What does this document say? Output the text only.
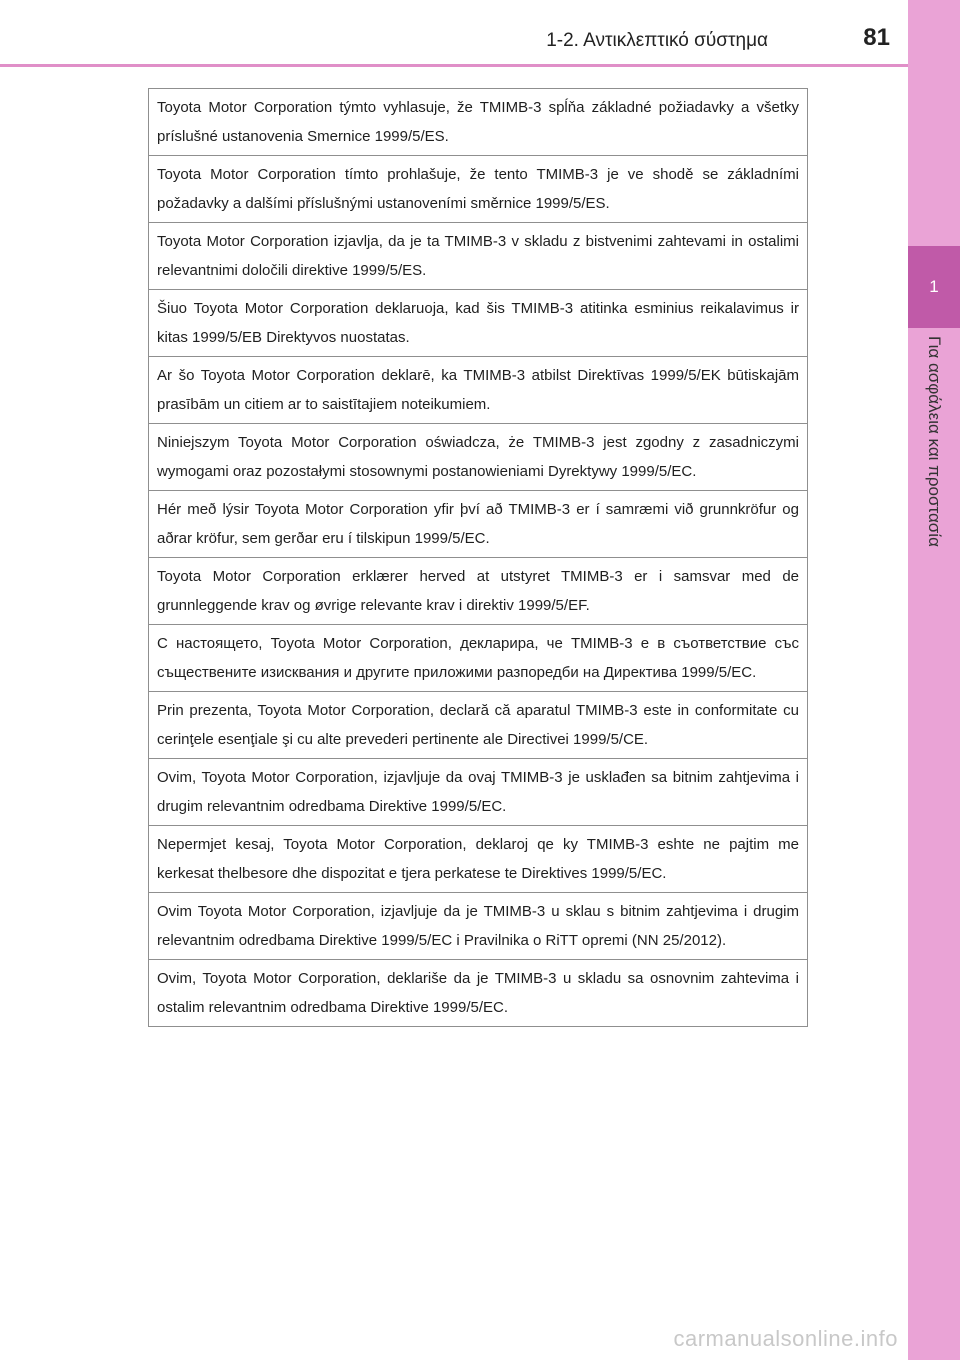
1-2. Αντικλεπτικό σύστημα	81
1
Για ασφάλεια και προστασία
Toyota Motor Corporation týmto vyhlasuje, že TMIMB-3 spĺňa základné požiadavky a všetky príslušné ustanovenia Smernice 1999/5/ES.
Toyota Motor Corporation tímto prohlašuje, že tento TMIMB-3 je ve shodě se základními požadavky a dalšími příslušnými ustanoveními směrnice 1999/5/ES.
Toyota Motor Corporation izjavlja, da je ta TMIMB-3 v skladu z bistvenimi zahtevami in ostalimi relevantnimi določili direktive 1999/5/ES.
Šiuo Toyota Motor Corporation deklaruoja, kad šis TMIMB-3 atitinka esminius reikalavimus ir kitas 1999/5/EB Direktyvos nuostatas.
Ar šo Toyota Motor Corporation deklarē, ka TMIMB-3 atbilst Direktīvas 1999/5/EK būtiskajām prasībām un citiem ar to saistītajiem noteikumiem.
Niniejszym Toyota Motor Corporation oświadcza, że TMIMB-3 jest zgodny z zasadniczymi wymogami oraz pozostałymi stosownymi postanowieniami Dyrektywy 1999/5/EC.
Hér með lýsir Toyota Motor Corporation yfir því að TMIMB-3 er í samræmi við grunnkröfur og aðrar kröfur, sem gerðar eru í tilskipun 1999/5/EC.
Toyota Motor Corporation erklærer herved at utstyret TMIMB-3 er i samsvar med de grunnleggende krav og øvrige relevante krav i direktiv 1999/5/EF.
С настоящето, Toyota Motor Corporation, декларира, че TMIMB-3 е в съответствие със съществените изисквания и другите приложими разпоредби на Директива 1999/5/EC.
Prin prezenta, Toyota Motor Corporation, declară că aparatul TMIMB-3 este in conformitate cu cerinţele esenţiale şi cu alte prevederi pertinente ale Directivei 1999/5/CE.
Ovim, Toyota Motor Corporation, izjavljuje da ovaj TMIMB-3 je usklađen sa bitnim zahtjevima i drugim relevantnim odredbama Direktive 1999/5/EC.
Nepermjet kesaj, Toyota Motor Corporation, deklaroj qe ky TMIMB-3 eshte ne pajtim me kerkesat thelbesore dhe dispozitat e tjera perkatese te Direktives 1999/5/EC.
Ovim Toyota Motor Corporation, izjavljuje da je TMIMB-3 u sklau s bitnim zahtjevima i drugim relevantnim odredbama Direktive 1999/5/EC i Pravilnika o RiTT opremi (NN 25/2012).
Ovim, Toyota Motor Corporation, deklariše da je TMIMB-3 u skladu sa osnovnim zahtevima i ostalim relevantnim odredbama Direktive 1999/5/EC.
carmanualsonline.info
